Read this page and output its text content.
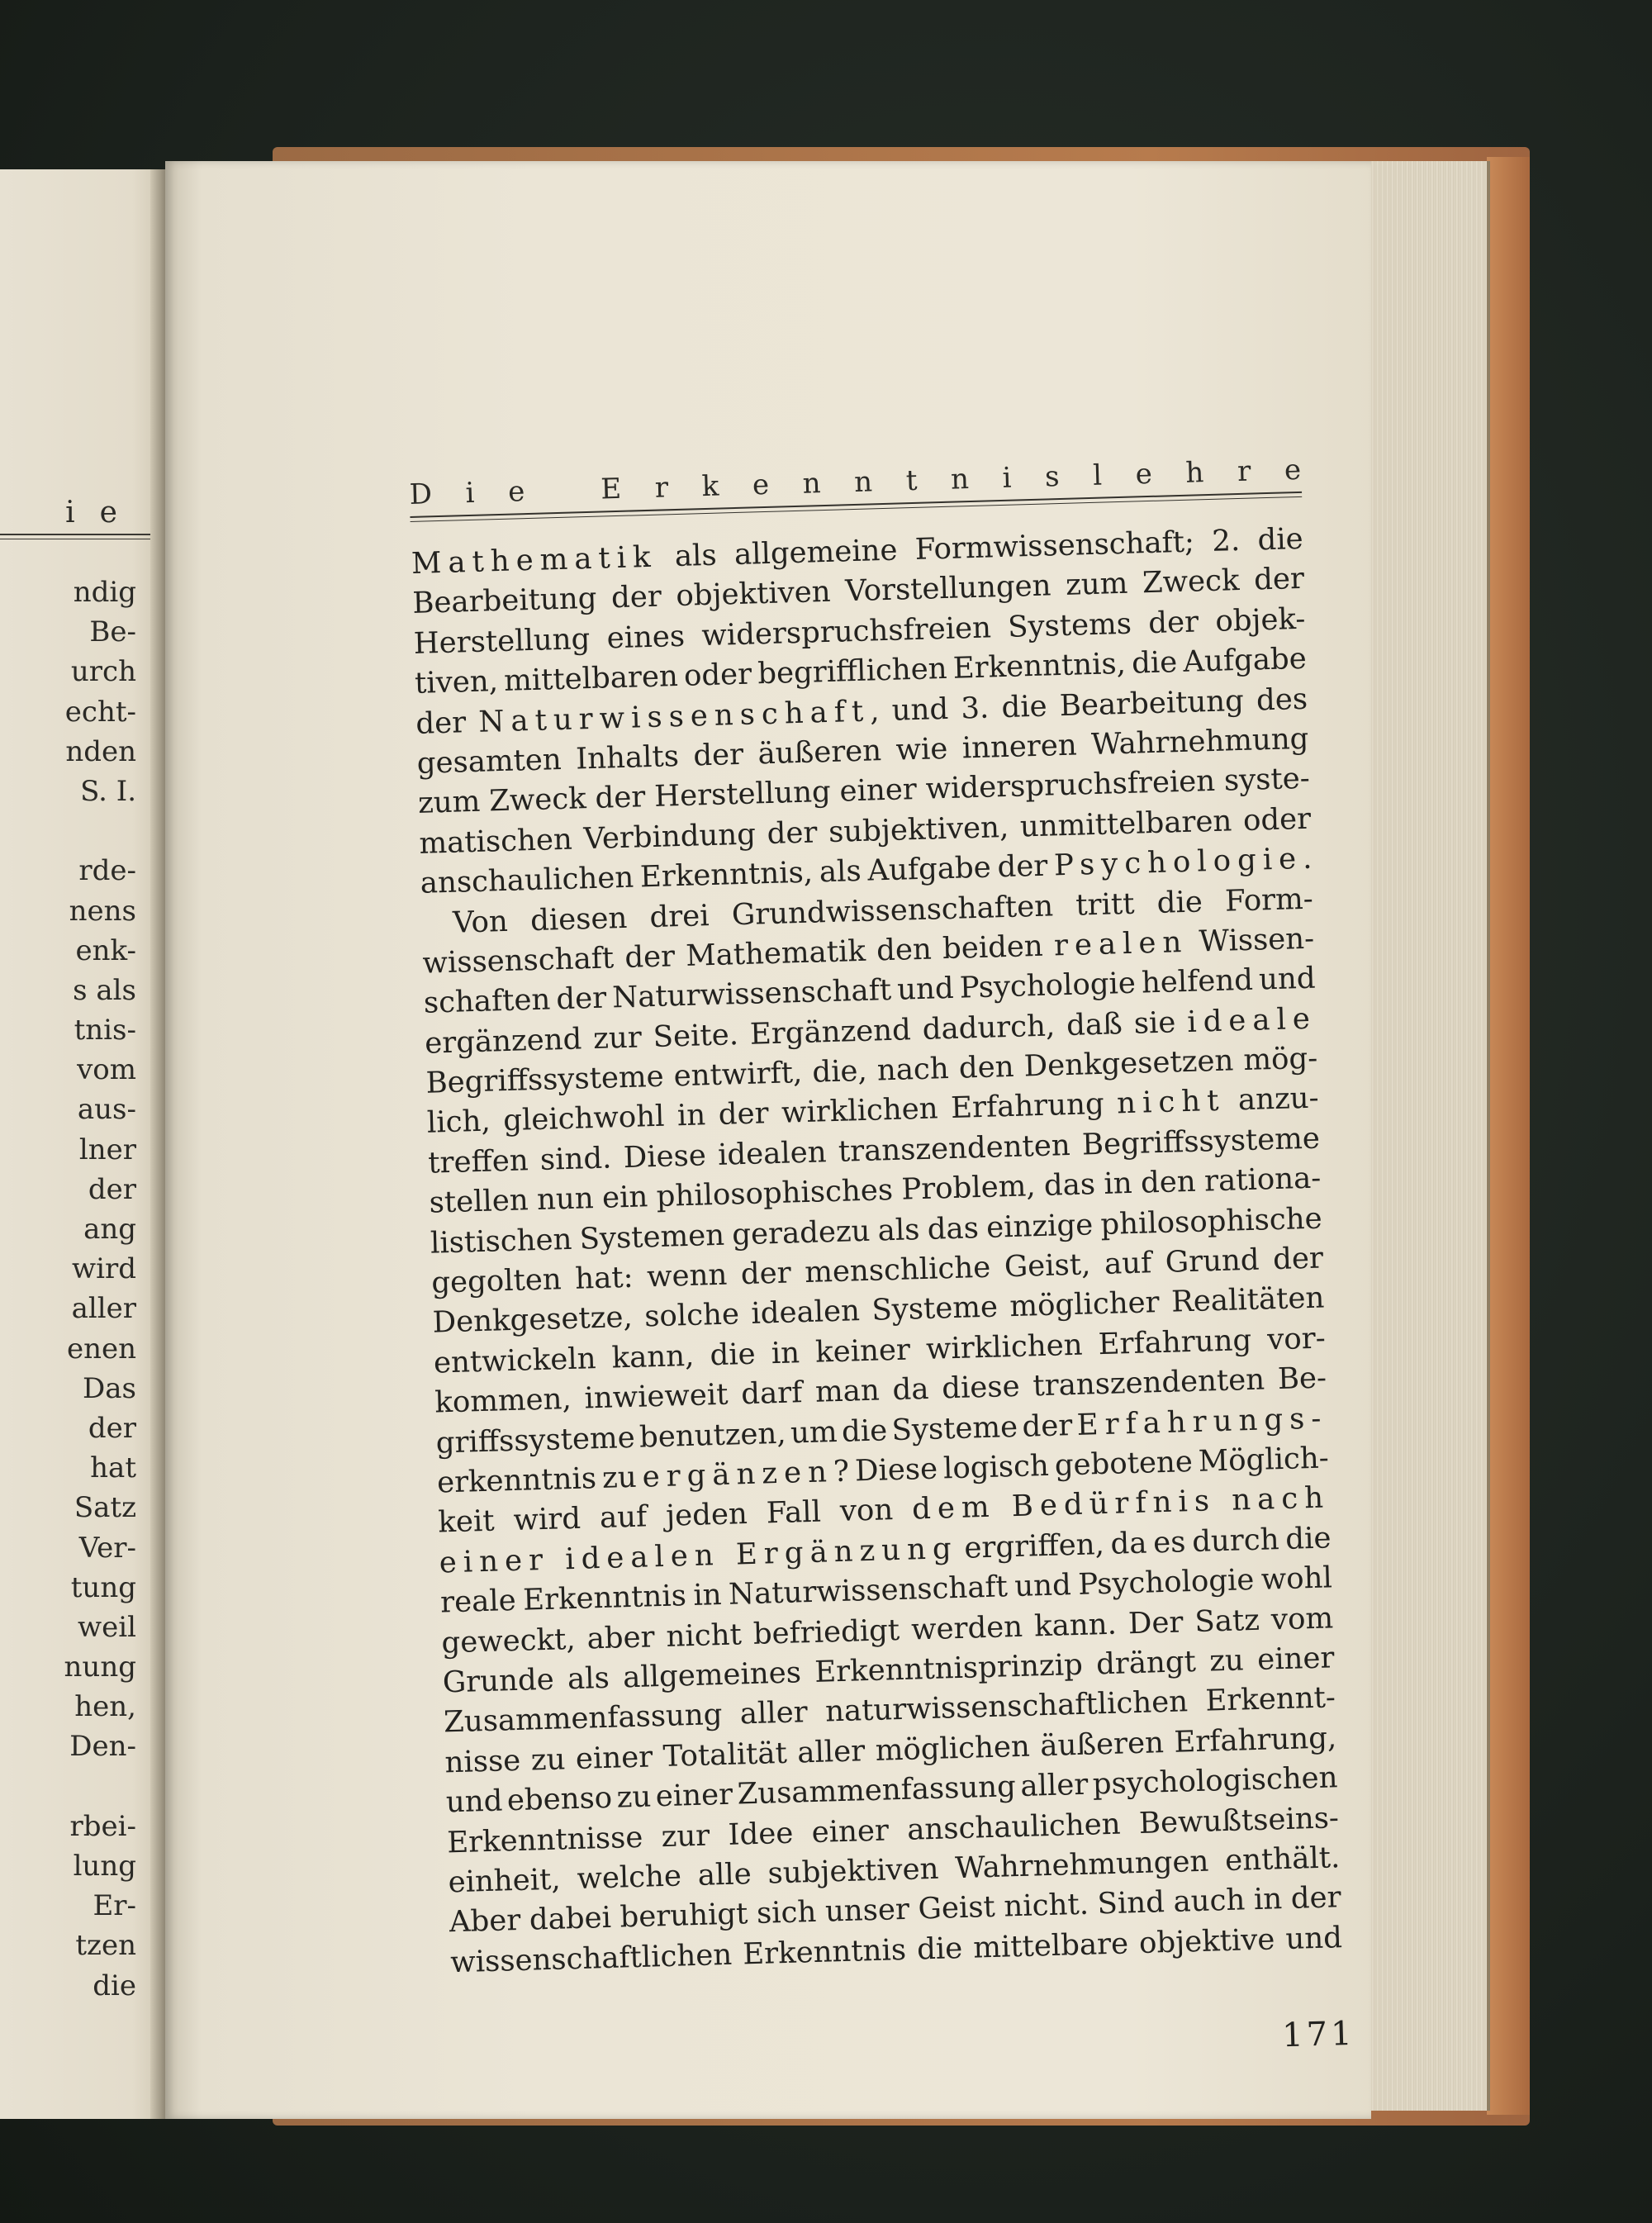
ie
ndig
Be-
urch
echt-
nden
S. I.
rde-
nens
enk-
s als
tnis-
vom
aus-
lner
der
ang
wird
aller
enen
Das
der
hat
Satz
Ver-
tung
weil
nung
hen,
Den-
rbei-
lung
Er-
tzen
die
D i e
	E r k e n n t n i s l e h r e
Mathematik als allgemeine Formwissenschaft; 2. die
Bearbeitung der objektiven Vorstellungen zum Zweck der
Herstellung eines widerspruchsfreien Systems der objek-
tiven, mittelbaren oder begrifflichen Erkenntnis, die Aufgabe
der Naturwissenschaft, und 3. die Bearbeitung des
gesamten Inhalts der äußeren wie inneren Wahrnehmung
zum Zweck der Herstellung einer widerspruchsfreien syste-
matischen Verbindung der subjektiven, unmittelbaren oder
anschaulichen Erkenntnis, als Aufgabe der Psychologie.
Von diesen drei Grundwissenschaften tritt die Form-
wissenschaft der Mathematik den beiden realen Wissen-
schaften der Naturwissenschaft und Psychologie helfend und
ergänzend zur Seite. Ergänzend dadurch, daß sie ideale
Begriffssysteme entwirft, die, nach den Denkgesetzen mög-
lich, gleichwohl in der wirklichen Erfahrung nicht anzu-
treffen sind. Diese idealen transzendenten Begriffssysteme
stellen nun ein philosophisches Problem, das in den rationa-
listischen Systemen geradezu als das einzige philosophische
gegolten hat: wenn der menschliche Geist, auf Grund der
Denkgesetze, solche idealen Systeme möglicher Realitäten
entwickeln kann, die in keiner wirklichen Erfahrung vor-
kommen, inwieweit darf man da diese transzendenten Be-
griffssysteme benutzen, um die Systeme der Erfahrungs-
erkenntnis zu ergänzen? Diese logisch gebotene Möglich-
keit wird auf jeden Fall von dem Bedürfnis nach
einer idealen Ergänzung ergriffen, da es durch die
reale Erkenntnis in Naturwissenschaft und Psychologie wohl
geweckt, aber nicht befriedigt werden kann. Der Satz vom
Grunde als allgemeines Erkenntnisprinzip drängt zu einer
Zusammenfassung aller naturwissenschaftlichen Erkennt-
nisse zu einer Totalität aller möglichen äußeren Erfahrung,
und ebenso zu einer Zusammenfassung aller psychologischen
Erkenntnisse zur Idee einer anschaulichen Bewußtseins-
einheit, welche alle subjektiven Wahrnehmungen enthält.
Aber dabei beruhigt sich unser Geist nicht. Sind auch in der
wissenschaftlichen Erkenntnis die mittelbare objektive und
171
